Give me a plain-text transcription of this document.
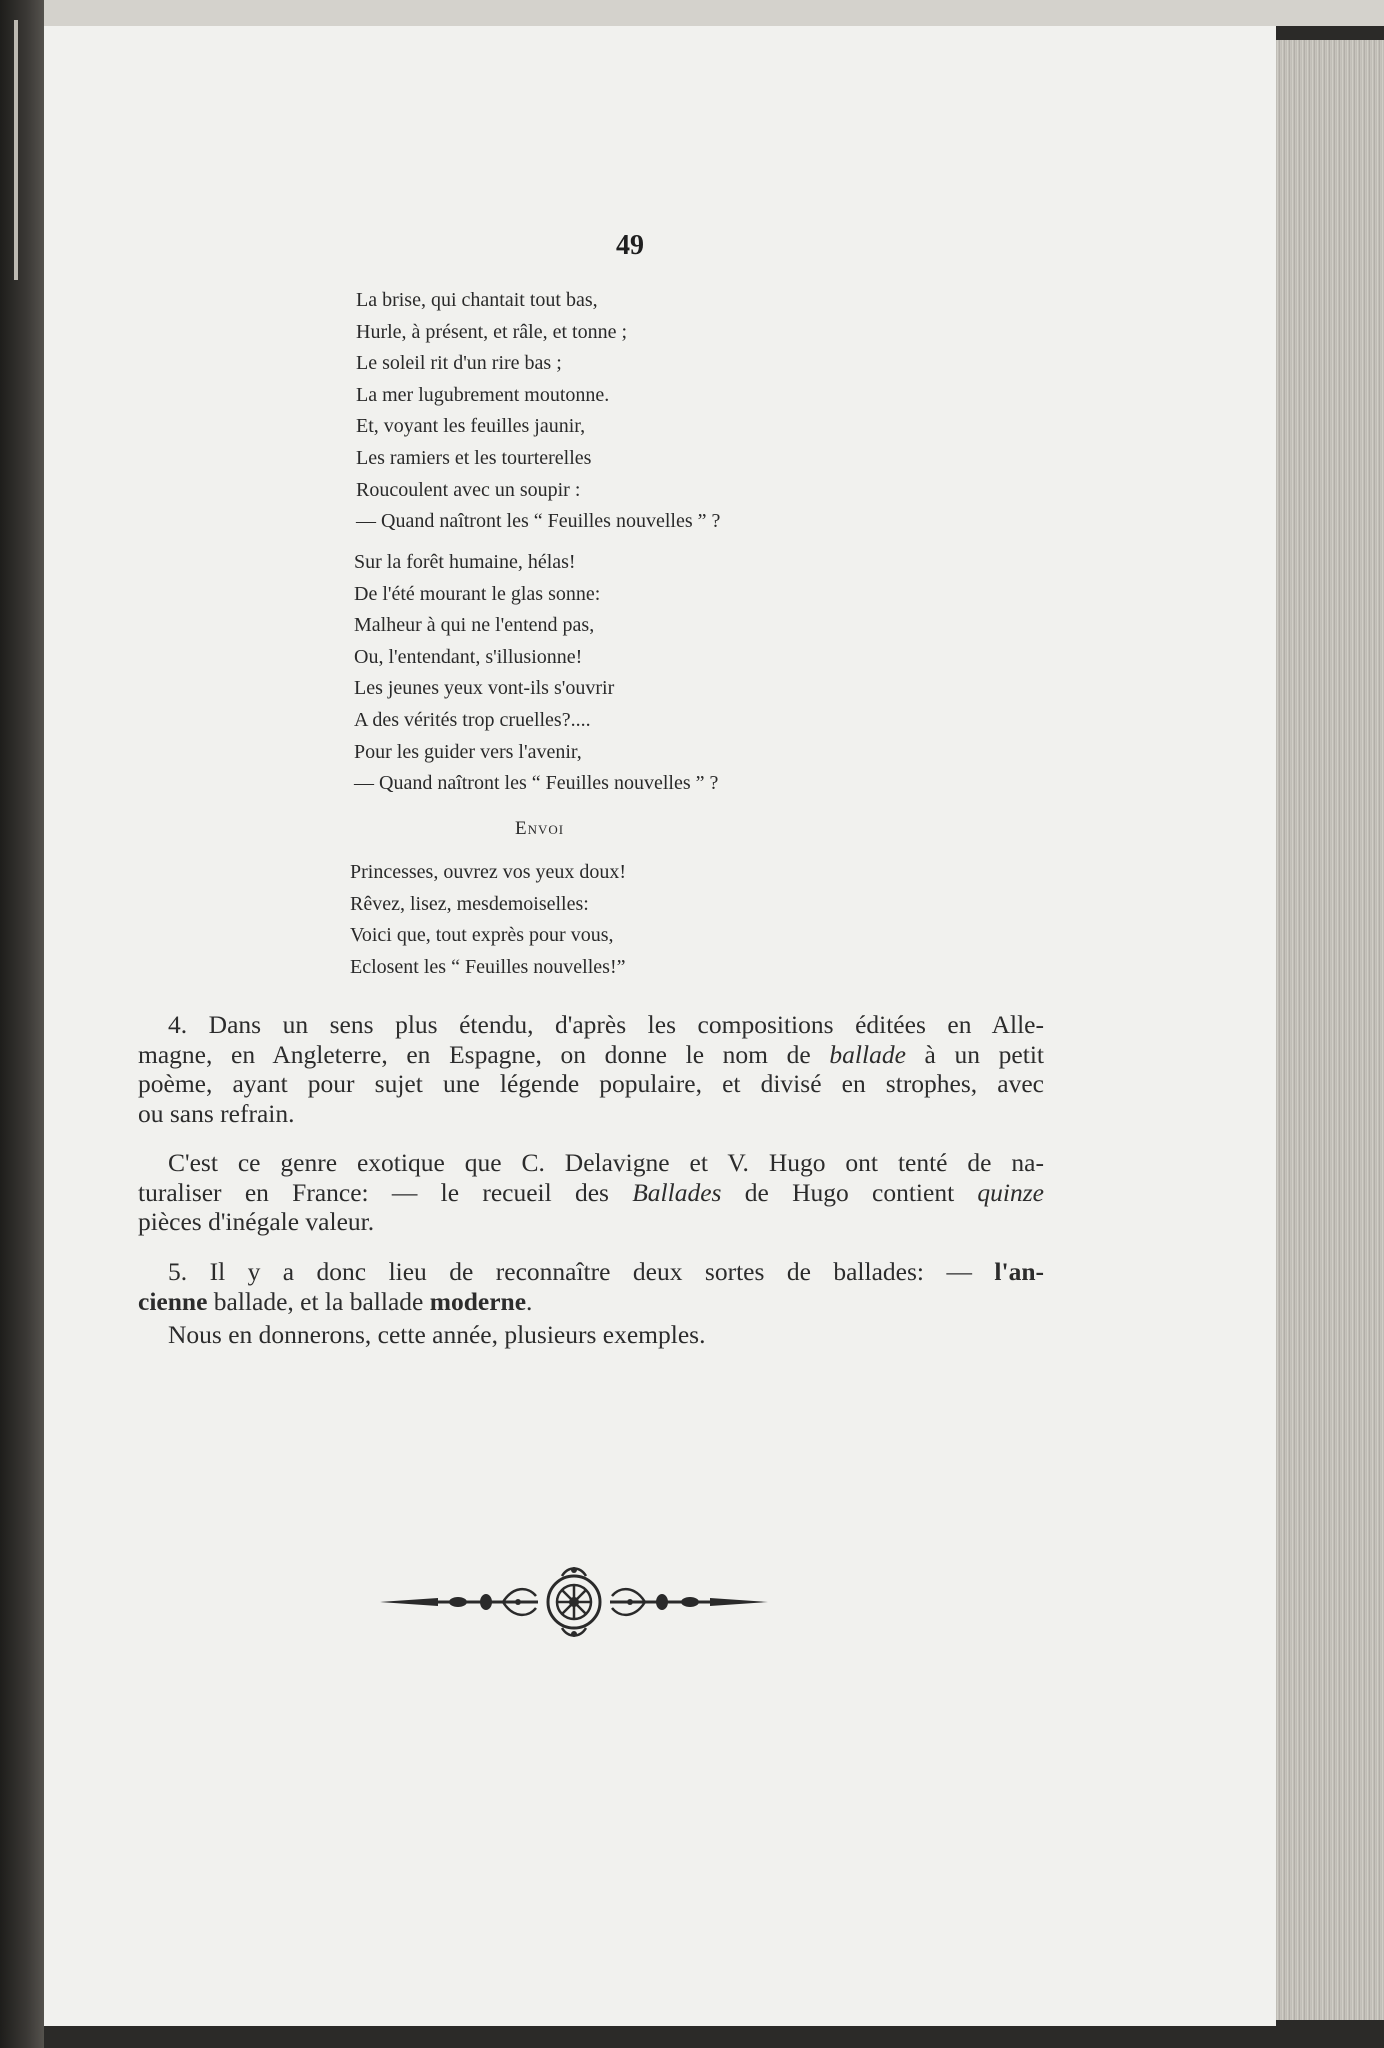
49
La brise, qui chantait tout bas,
Hurle, à présent, et râle, et tonne ;
Le soleil rit d'un rire bas ;
La mer lugubrement moutonne.
Et, voyant les feuilles jaunir,
Les ramiers et les tourterelles
Roucoulent avec un soupir :
— Quand naîtront les “ Feuilles nouvelles ” ?
Sur la forêt humaine, hélas!
De l'été mourant le glas sonne:
Malheur à qui ne l'entend pas,
Ou, l'entendant, s'illusionne!
Les jeunes yeux vont-ils s'ouvrir
A des vérités trop cruelles?....
Pour les guider vers l'avenir,
— Quand naîtront les “ Feuilles nouvelles ” ?
Envoi
Princesses, ouvrez vos yeux doux!
Rêvez, lisez, mesdemoiselles:
Voici que, tout exprès pour vous,
Eclosent les “ Feuilles nouvelles!”

4. Dans un sens plus étendu, d'après les compositions éditées en Alle-
magne, en Angleterre, en Espagne, on donne le nom de ballade à un petit
poème, ayant pour sujet une légende populaire, et divisé en strophes, avec
ou sans refrain.

C'est ce genre exotique que C. Delavigne et V. Hugo ont tenté de na-
turaliser en France: — le recueil des Ballades de Hugo contient quinze
pièces d'inégale valeur.

5. Il y a donc lieu de reconnaître deux sortes de ballades: — l'an-
cienne ballade, et la ballade moderne.

Nous en donnerons, cette année, plusieurs exemples.
